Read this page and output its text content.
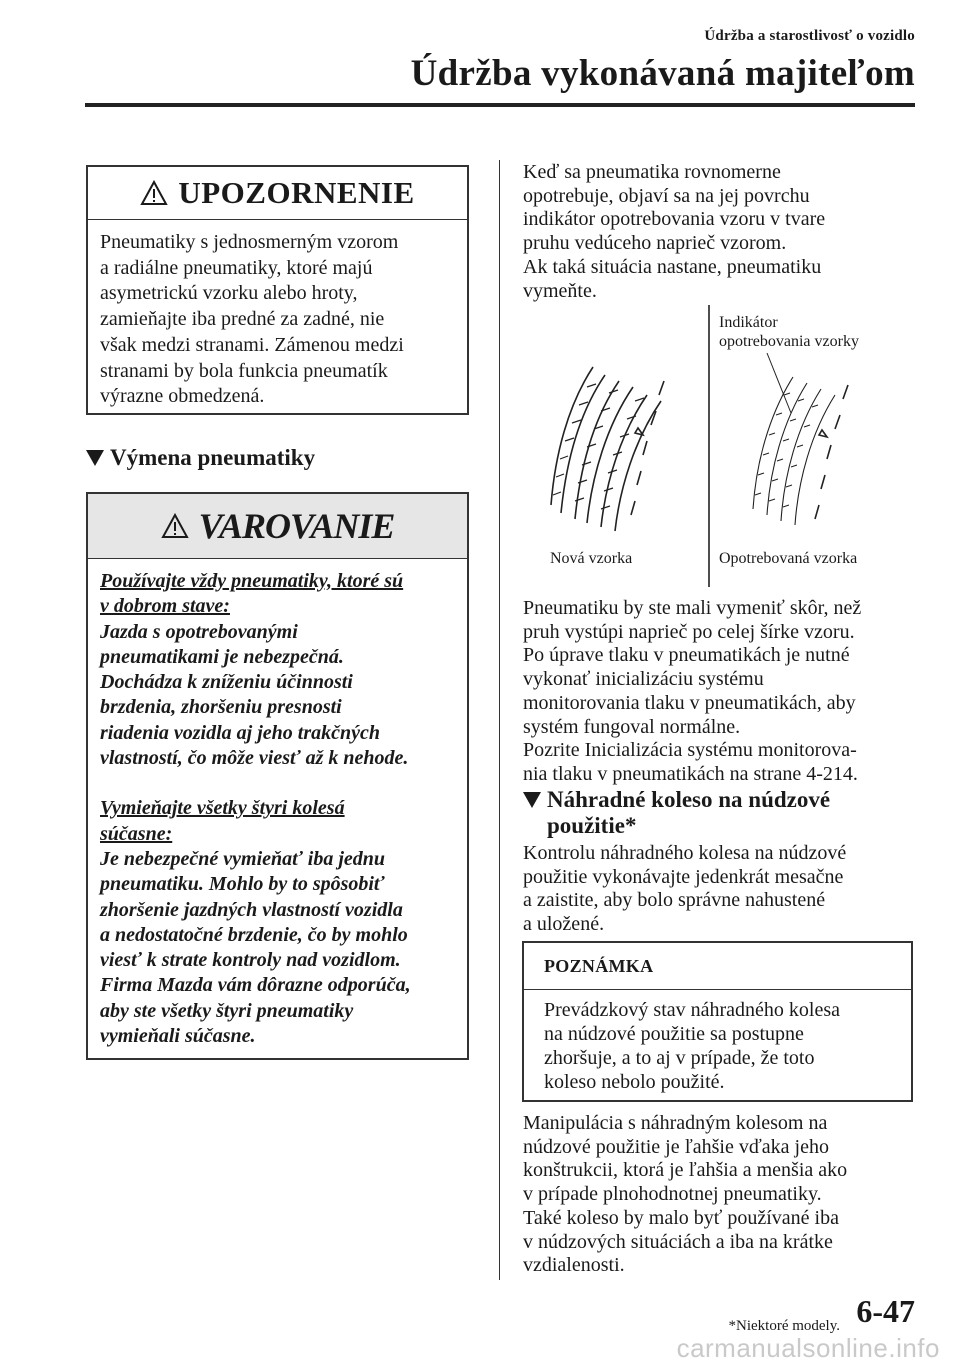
Údržba a starostlivosť o vozidlo
Údržba vykonávaná majiteľom
UPOZORNENIE
Pneumatiky s jednosmerným vzorom
a radiálne pneumatiky, ktoré majú
asymetrickú vzorku alebo hroty,
zamieňajte iba predné za zadné, nie
však medzi stranami. Zámenou medzi
stranami by bola funkcia pneumatík
výrazne obmedzená.
Výmena pneumatiky
VAROVANIE
Používajte vždy pneumatiky, ktoré sú
v dobrom stave:
Jazda s opotrebovanými
pneumatikami je nebezpečná.
Dochádza k zníženiu účinnosti
brzdenia, zhoršeniu presnosti
riadenia vozidla aj jeho trakčných
vlastností, čo môže viesť až k nehode.
Vymieňajte všetky štyri kolesá
súčasne:
Je nebezpečné vymieňať iba jednu
pneumatiku. Mohlo by to spôsobiť
zhoršenie jazdných vlastností vozidla
a nedostatočné brzdenie, čo by mohlo
viesť k strate kontroly nad vozidlom.
Firma Mazda vám dôrazne odporúča,
aby ste všetky štyri pneumatiky
vymieňali súčasne.
Keď sa pneumatika rovnomerne
opotrebuje, objaví sa na jej povrchu
indikátor opotrebovania vzoru v tvare
pruhu vedúceho naprieč vzorom.
Ak taká situácia nastane, pneumatiku
vymeňte.
Indikátor
opotrebovania vzorky
Nová vzorka	Opotrebovaná vzorka
Pneumatiku by ste mali vymeniť skôr, než
pruh vystúpi naprieč po celej šírke vzoru.
Po úprave tlaku v pneumatikách je nutné
vykonať inicializáciu systému
monitorovania tlaku v pneumatikách, aby
systém fungoval normálne.
Pozrite Inicializácia systému monitorova-
nia tlaku v pneumatikách na strane 4-214.
Náhradné koleso na núdzové
použitie*
Kontrolu náhradného kolesa na núdzové
použitie vykonávajte jedenkrát mesačne
a zaistite, aby bolo správne nahustené
a uložené.
POZNÁMKA
Prevádzkový stav náhradného kolesa
na núdzové použitie sa postupne
zhoršuje, a to aj v prípade, že toto
koleso nebolo použité.
Manipulácia s náhradným kolesom na
núdzové použitie je ľahšie vďaka jeho
konštrukcii, ktorá je ľahšia a menšia ako
v prípade plnohodnotnej pneumatiky.
Také koleso by malo byť používané iba
v núdzových situáciách a iba na krátke
vzdialenosti.
*Niektoré modely. 6-47
carmanualsonline.info
